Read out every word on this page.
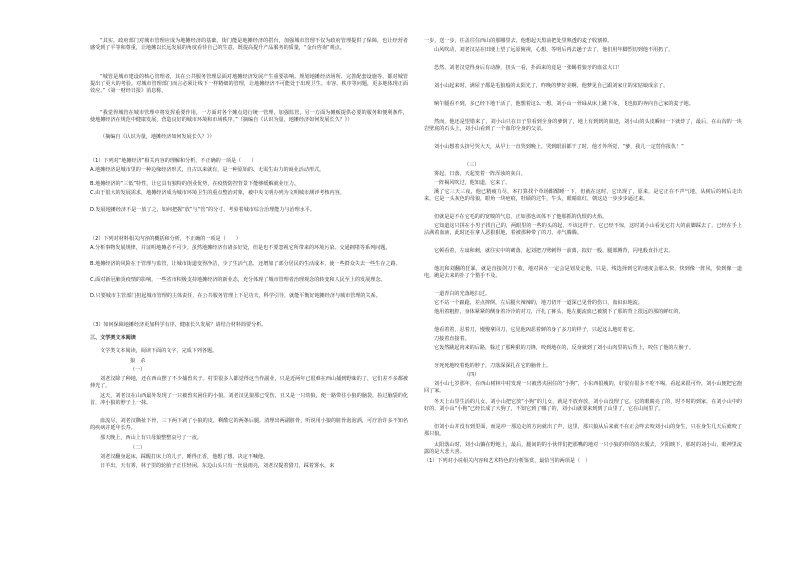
“其实，政府部门对城市管理应成为地摊经济的基础，街门能是地摊经济的搭台，加强城市管理不仅为政府管理提供了保障，也让经营者感受到了平等和尊重，让地摊以长远发展的角度看待自己的生意，既提高提升产品服务的质量，“金台咨询”观点。

“城管是城市建设的核心管理者，其在公共服务管理层面对地摊经济发展产生重要影响。规划地摊经济场所、完善配套设施等，都对城管提出了更大的考验。对城市管理部门而言必须让线下一样精细的管理，让地摊经济不可能处于出现卫生、市容、秩序等问题，更多地体现正面效应。”《第一财经日报》消息称。

“我觉得城管在城市管理中将发挥重要作用，一方面对各个摊点进行统一管理，加强监管，另一方面为摊贩提供必要的服务和便利条件，使地摊经济在规范中健康发展，营造良好的城市环境和市场秩序。”（摘编自《认识为量，地摊经济如何发展长久？》）

（摘编自《认识为量，地摊经济如何发展长久？》）

（1）下列对“地摊经济”相关内容的理解和分析，不正确的一项是（　　）

A.地摊经济是城市里的一种边缘经济形式，自古以来就有，是一种原始的、无需生由力的商业活动形式。

B.地摊经济的“三低”特性，让它具有独特的创业优势，在疫情防控背景下能够缓解就业压力。

C.由于很大的发展需求，地摊经济成为城市环境卫生的重点整治对象，被中央文明办列为文明城市测评考核内容。

D.发展地摊经济不是一放了之，如何把握“放”与“管”的分寸，考验着城市综合治理能力与治理水平。

（2）下列对材料相关内容的概括和分析，不正确的一项是（　　）

A.分析事物发展规律，并证明地摊必不可少。虽然地摊经济有诸多好处，但是也不要忽视它所带来的环境污染、交通拥堵等系列问题。

B.地摊经济的风险在于管理与监管，让城市街道变得净洁，少了生活气息，还增加了部分居民的生活成本，使一些群众失去一些生存之路。

C.面对新冠肺炎疫情的影响，一些省市积极支持地摊经济的新业态，充分体现了城市管理者治理观念的转变和人民至上的发展理念。

D.只要城市主管部门担起城市管理的主体责任，在公共服务管理上下足功夫，科学引导，就能平衡好地摊经济与城市管理的关系。

（3）如何保障地摊经济更加科学有序、健康长久发展？请结合材料简要分析。

三、文学类文本阅读

文学类文本阅读，阅读下面的文字，完成下列各题。

狼　杀

（一）

刘老汉除了种地，还在西山摆了不少捕兽夹子。村里很多人都觉得这当作副业，只是近两年已很难在西山捕到野味的了，它们差不多都被伸光了。

这天，刘老汉在山西最外发现了一只被兽夹困住的小狼。刘老汉见狼那已受伤，且又是一只幼狼，便一路带往小狼的脑袋，捡过脑袋的化首，冲小狼的脖子上一抹。

血流尽，刘老汉撕扯下骨，三下两下剥了小狼的皮，剩酷它的两条后腿，清理出两副脏骨，听说用小狼的脏骨泡泡酒，可疗治许多不知名的疾病并延年长寿。

那天晚上，西山上有只母狼整整哀号了一夜。

（二）

刘老汉翻身起床，踩醒打床上的儿子，睡得正香，他想了想，决定不喊他。

日羊出，天有雾，林子里的轮胎子正往轻闲。东边山头只有一丝晨雨亮，刘老汉提着猎刀，踩着雾水，来

一步，送一步，往盖往住西山的那哪里去，他想起天黑前把处里熟透的麦子收割掉。

山风吹动，刘老汉站在田埂上望了远原俯视，心想，等明后再去趟子去了，他们用年脚烈切到他不用扔了。

恐然，刘老汉觉得身后有动静，扭头一看，扑面来的竟是一张蝎着狼牙的血盆大口！

刘小山起来时，满屋子都是毛狼般的太阳光了，昨晚的梦好美啊，他梦见自己跟刘家庄的宋姑娘成亲了。

晌午腿看不到，多已经下地干活了，他想着这么一想，刘小山一骨碌从床上跳下床，飞也似的奔向自己家的麦子地。

然而，他还是望错来了，刘小山只在日子里看到全身的爹倒了，地上有到到的血迹，刘小山的头皮瞬间一下就炸了，最后，在山沟的一块岩壁底的石头上，刘小山看到了一个血印全身的父亲。

刘小山想着头挤号哭大天，从早上一直哭到晚上，哭到眼泪都干了时，他才外所觉，“爹，我儿一定替你报仇！”

（三）

雾起，日落，天起笼着一阵浑浊的灰白。

一阵褐风吹过，他知道，它来了。

溪了它三天三夜，他已精疲力尽，本打算找个草场酣酣睡一下，但就在这时，它出现了，原来，是它正在不声气地，从树后的树后走出来，它是一头灰色的母狼，眼角一块疤痕，牡硕的过牛，牛头，眼睛血红，朝这边一步步步逼过来。

但就是是不在它毛的的宽嗅的气息，正如那也该体不了他那抓的仇恨的火焰。

它知道这只拼在小男子找自己的，两眼里的一些的头的起，不该这样子，它已经不惊，这时刘小山看见它打大的前脚踩去了，已经在手上沾满着血液，此时还在拿人恶狠狠地，着被那种带了的刀，赤气腾腾。

它顿看着，左扇和刺，就往实中的刺落，起刘把刀劈刺得一前离，拟好一般，腿部膊背，闪电般直扑过去。

他沉和刘翻的狂暴，就是直接剑刀下收，地对回在一定会是划及定他，只是，线选择到它的速度会那么快，快到像一阵风，快到像一道电，跑是去来的扑了个猎手不及。

一道青白的光落地扫过。

它不站一个踉跄，差点摔倒，左后腿火辣辣的，地刀切开一道深已见骨的伤口，血汩汩地流。

他用着粗腔，身体紧紧的侧身着冷冷的对刀，汗扎了裤头，他左腿流血已被割下了那的背上很远的那的鲜红的，

他看着着，忍着刀，慢慢拿回刀，它见他凶恶着鲜的身了多刀的样子，只起这么地盯着它。

刀接着直接着。

它轰然跳起肉来的后路，躲过了那种狠的刀锋，咬到地在的，反身就到了刘小山肉里的后背上，咬住了他的左膀子。

牙死死地咬着他的脖子，刀落深深扎在它的脑骨上。

（四）

刘小山七岁那年，在西山树林中村发现一只被兽夹困住的“小狗”，小东西很瘦的，好很有很多不吃不喝，看起来很可怜，刘小山便把它抱回了家。

冬天上山里生活的儿女，刘小山把它放“小狗”的儿女，就是不放弃放，刘小山没理了它，它的眼睛亮了的，时不时的到家，在刘小山中的好的，刘小山“小狗”已经长成了大狗了，不知它到了哪了的，刘小山就要来到到了山里了，它在山间里了。

但刘小山并没有到里面，而是冲一那边走的方向就出了声，这里，那只狼从后来就不在正会咋去咬刘小山的身生，只在身生几天后就咬了那只狼。

太阳落山时，刘小山躺在野地上，最后，腿间的的小伙伴们把那嘴的地对一只小狼的样的的衣服去，夕阳映下，那时的刘小山，眼神里流露的是大悲大喜。

（1）下列对小说相关内容和艺术特色的分析鉴赏，最恰当的两项是（　）
